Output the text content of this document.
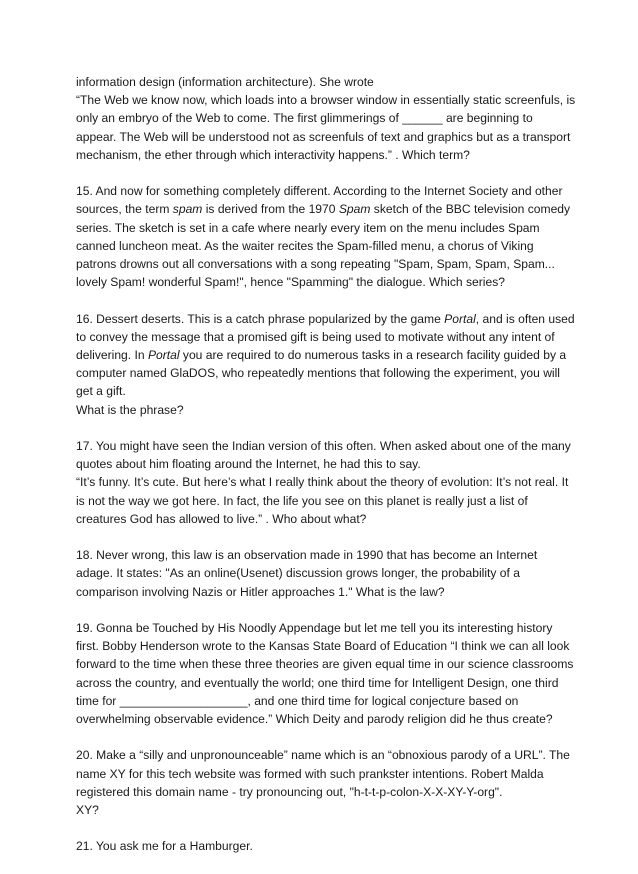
information design (information architecture). She wrote
“The Web we know now, which loads into a browser window in essentially static screenfuls, is only an embryo of the Web to come. The first glimmerings of ______ are beginning to appear. The Web will be understood not as screenfuls of text and graphics but as a transport mechanism, the ether through which interactivity happens.” . Which term?

15. And now for something completely different. According to the Internet Society and other sources, the term spam is derived from the 1970 Spam sketch of the BBC television comedy series. The sketch is set in a cafe where nearly every item on the menu includes Spam canned luncheon meat. As the waiter recites the Spam-filled menu, a chorus of Viking patrons drowns out all conversations with a song repeating "Spam, Spam, Spam, Spam... lovely Spam! wonderful Spam!", hence "Spamming" the dialogue. Which series?

16. Dessert deserts. This is a catch phrase popularized by the game Portal, and is often used to convey the message that a promised gift is being used to motivate without any intent of delivering. In Portal you are required to do numerous tasks in a research facility guided by a computer named GlaDOS, who repeatedly mentions that following the experiment, you will get a gift.
What is the phrase?

17. You might have seen the Indian version of this often. When asked about one of the many quotes about him floating around the Internet, he had this to say.
“It’s funny. It’s cute. But here’s what I really think about the theory of evolution: It’s not real. It is not the way we got here. In fact, the life you see on this planet is really just a list of creatures God has allowed to live.” . Who about what?

18. Never wrong, this law is an observation made in 1990 that has become an Internet adage. It states: "As an online(Usenet) discussion grows longer, the probability of a comparison involving Nazis or Hitler approaches 1." What is the law?

19. Gonna be Touched by His Noodly Appendage but let me tell you its interesting history first. Bobby Henderson wrote to the Kansas State Board of Education “I think we can all look forward to the time when these three theories are given equal time in our science classrooms across the country, and eventually the world; one third time for Intelligent Design, one third time for ___________________, and one third time for logical conjecture based on overwhelming observable evidence.” Which Deity and parody religion did he thus create?

20. Make a “silly and unpronounceable” name which is an “obnoxious parody of a URL”. The name XY for this tech website was formed with such prankster intentions. Robert Malda registered this domain name - try pronouncing out, "h-t-t-p-colon-X-X-XY-Y-org".
XY?

21. You ask me for a Hamburger.
